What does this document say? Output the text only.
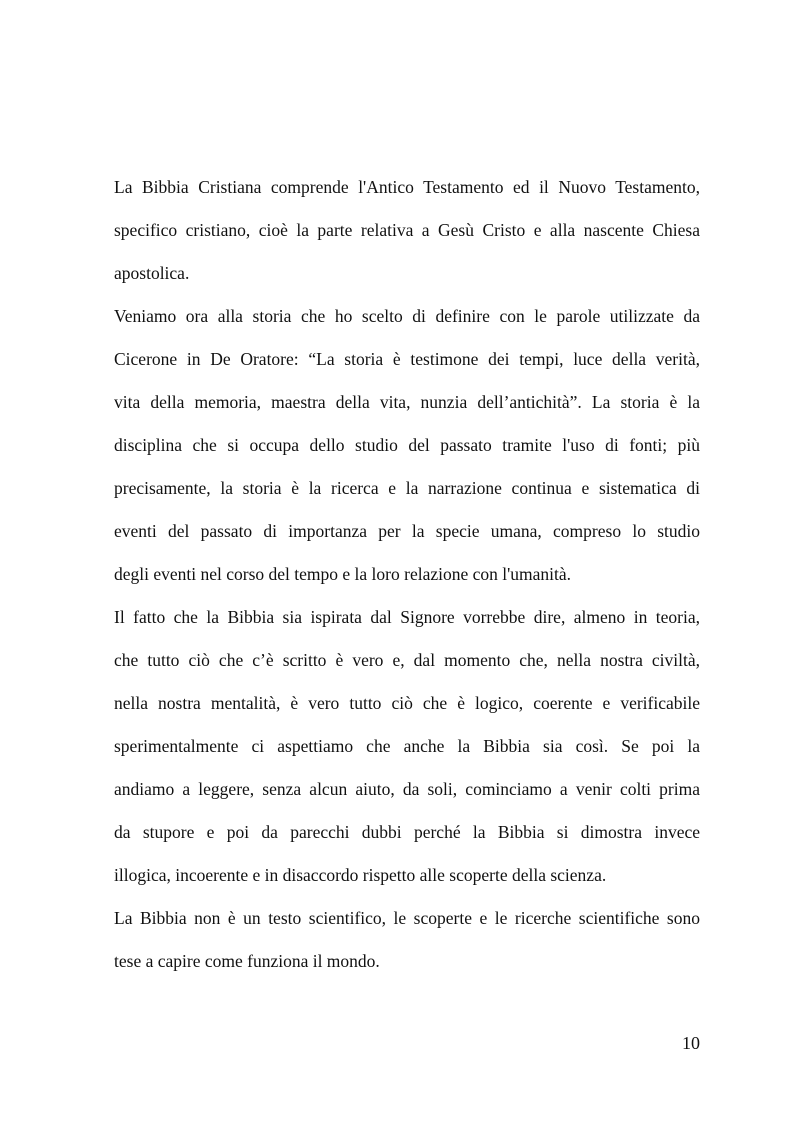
La Bibbia Cristiana comprende l'Antico Testamento ed il Nuovo Testamento,
specifico cristiano, cioè la parte relativa a Gesù Cristo e alla nascente Chiesa
apostolica.
Veniamo ora alla storia che ho scelto di definire con le parole utilizzate da
Cicerone in De Oratore: “La storia è testimone dei tempi, luce della verità,
vita della memoria, maestra della vita, nunzia dell’antichità”. La storia è la
disciplina che si occupa dello studio del passato tramite l'uso di fonti; più
precisamente, la storia è la ricerca e la narrazione continua e sistematica di
eventi del passato di importanza per la specie umana, compreso lo studio
degli eventi nel corso del tempo e la loro relazione con l'umanità.
Il fatto che la Bibbia sia ispirata dal Signore vorrebbe dire, almeno in teoria,
che tutto ciò che c’è scritto è vero e, dal momento che, nella nostra civiltà,
nella nostra mentalità, è vero tutto ciò che è logico, coerente e verificabile
sperimentalmente ci aspettiamo che anche la Bibbia sia così. Se poi la
andiamo a leggere, senza alcun aiuto, da soli, cominciamo a venir colti prima
da stupore e poi da parecchi dubbi perché la Bibbia si dimostra invece
illogica, incoerente e in disaccordo rispetto alle scoperte della scienza.
La Bibbia non è un testo scientifico, le scoperte e le ricerche scientifiche sono
tese a capire come funziona il mondo.
10
